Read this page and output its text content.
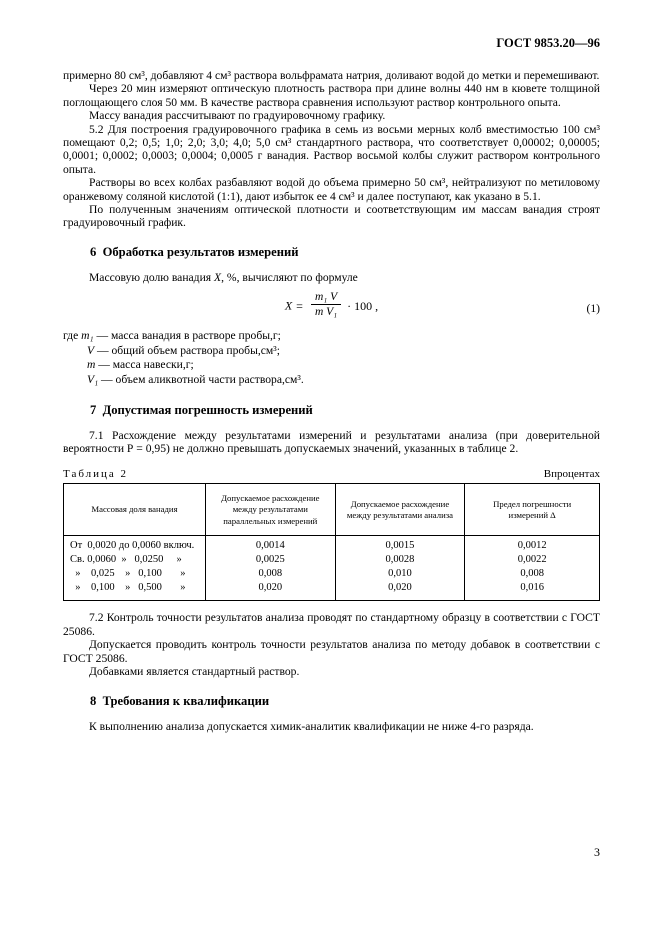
ГОСТ 9853.20—96

примерно 80 см³, добавляют 4 см³ раствора вольфрамата натрия, доливают водой до метки и перемешивают.

Через 20 мин измеряют оптическую плотность раствора при длине волны 440 нм в кювете толщиной поглощающего слоя 50 мм. В качестве раствора сравнения используют раствор контрольного опыта.

Массу ванадия рассчитывают по градуировочному графику.

5.2 Для построения градуировочного графика в семь из восьми мерных колб вместимостью 100 см³ помещают 0,2; 0,5; 1,0; 2,0; 3,0; 4,0; 5,0 см³ стандартного раствора, что соответствует 0,00002; 0,00005; 0,0001; 0,0002; 0,0003; 0,0004; 0,0005 г ванадия. Раствор восьмой колбы служит раствором контрольного опыта.

Растворы во всех колбах разбавляют водой до объема примерно 50 см³, нейтрализуют по метиловому оранжевому соляной кислотой (1:1), дают избыток ее 4 см³ и далее поступают, как указано в 5.1.

По полученным значениям оптической плотности и соответствующим им массам ванадия строят градуировочный график.

6  Обработка результатов измерений

Массовую долю ванадия X, %, вычисляют по формуле

$X = \frac{\text{m₁ V}}{\text{m V₁}} \cdot 100$ ,	(1)
где m₁ — масса ванадия в растворе пробы,г;
V — общий объем раствора пробы,см³;
m — масса навески,г;
V₁ — объем аликвотной части раствора,см³.
7  Допустимая погрешность измерений

7.1 Расхождение между результатами измерений и результатами анализа (при доверительной вероятности Р = 0,95) не должно превышать допускаемых значений, указанных в таблице 2.

Таблица 2	Впроцентах
Массовая доля ванадия	Допускаемое расхождение между результатами параллельных измерений	Допускаемое расхождение между результатами анализа	Предел погрешности измерений Δ
От  0,0020 до 0,0060 включ.	0,0014	0,0015	0,0012
Св. 0,0060  »   0,0250     »	0,0025	0,0028	0,0022
»    0,025    »   0,100       »	0,008	0,010	0,008
»    0,100    »   0,500       »	0,020	0,020	0,016

7.2 Контроль точности результатов анализа проводят по стандартному образцу в соответствии с ГОСТ 25086.

Допускается проводить контроль точности результатов анализа по методу добавок в соответствии с ГОСТ 25086.

Добавками является стандартный раствор.

8  Требования к квалификации

К выполнению анализа допускается химик-аналитик квалификации не ниже 4-го разряда.

3
